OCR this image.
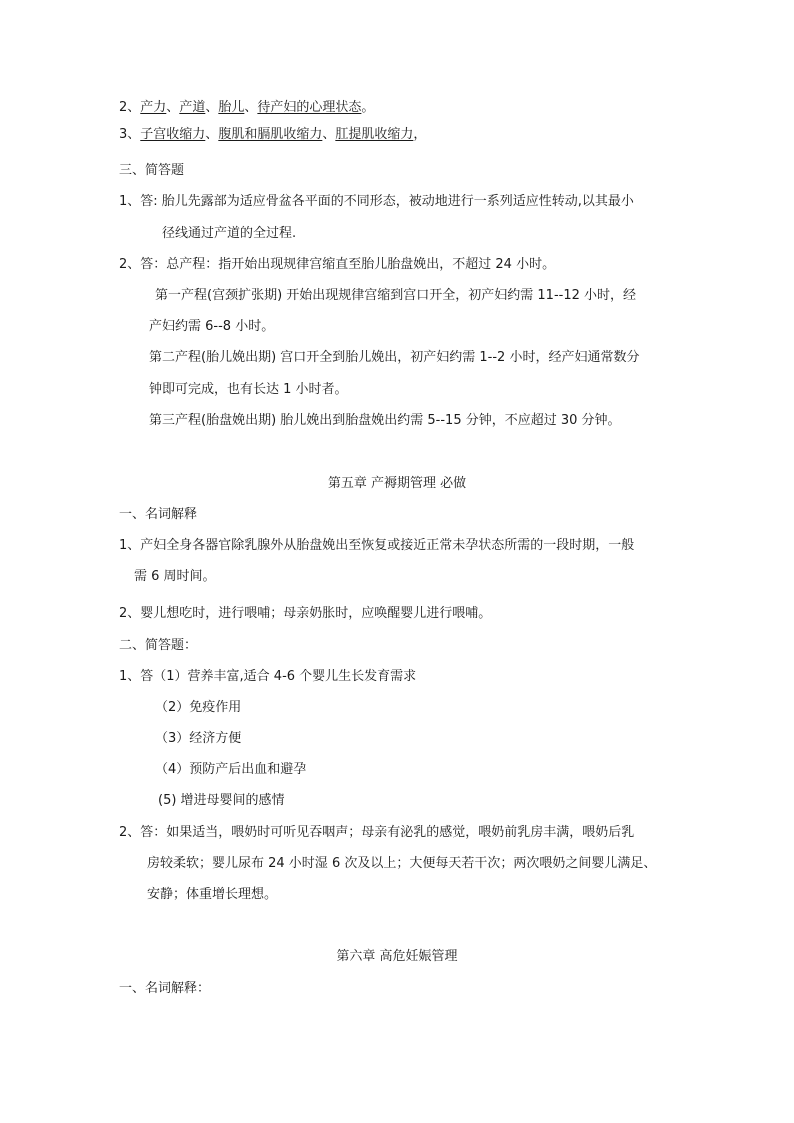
2、产力、产道、胎儿、待产妇的心理状态。
3、子宫收缩力、腹肌和膈肌收缩力、肛提肌收缩力，
三、简答题
1、答: 胎儿先露部为适应骨盆各平面的不同形态，被动地进行一系列适应性转动,以其最小
径线通过产道的全过程.
2、答：总产程：指开始出现规律宫缩直至胎儿胎盘娩出，不超过 24 小时。
第一产程(宫颈扩张期) 开始出现规律宫缩到宫口开全，初产妇约需 11--12 小时，经
产妇约需 6--8 小时。
第二产程(胎儿娩出期) 宫口开全到胎儿娩出，初产妇约需 1--2 小时，经产妇通常数分
钟即可完成，也有长达 1 小时者。
第三产程(胎盘娩出期) 胎儿娩出到胎盘娩出约需 5--15 分钟，不应超过 30 分钟。
第五章 产褥期管理 必做
一、名词解释
1、产妇全身各器官除乳腺外从胎盘娩出至恢复或接近正常未孕状态所需的一段时期，一般
需 6 周时间。
2、婴儿想吃时，进行喂哺；母亲奶胀时，应唤醒婴儿进行喂哺。
二、简答题：
1、答（1）营养丰富,适合 4-6 个婴儿生长发育需求
（2）免疫作用
（3）经济方便
（4）预防产后出血和避孕
(5) 增进母婴间的感情
2、答：如果适当，喂奶时可听见吞咽声；母亲有泌乳的感觉，喂奶前乳房丰满，喂奶后乳
房较柔软；婴儿尿布 24 小时湿 6 次及以上；大便每天若干次；两次喂奶之间婴儿满足、
安静；体重增长理想。
第六章 高危妊娠管理
一、名词解释：
